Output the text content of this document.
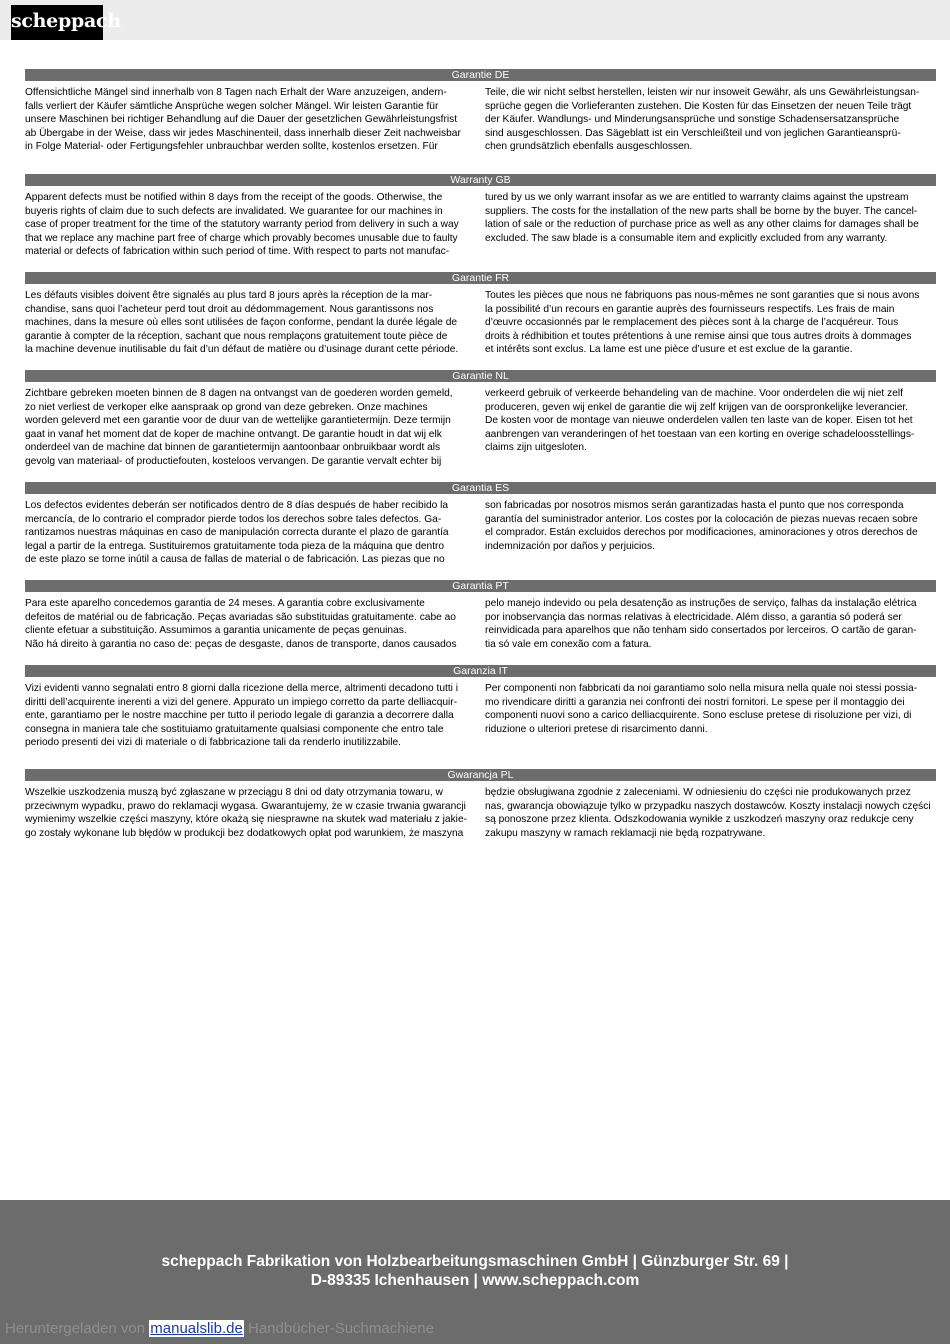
scheppach
Garantie DE
Offensichtliche Mängel sind innerhalb von 8 Tagen nach Erhalt der Ware anzuzeigen, andern-
falls verliert der Käufer sämtliche Ansprüche wegen solcher Mängel. Wir leisten Garantie für
unsere Maschinen bei richtiger Behandlung auf die Dauer der gesetzlichen Gewährleistungsfrist
ab Übergabe in der Weise, dass wir jedes Maschinenteil, dass innerhalb dieser Zeit nachweisbar
in Folge Material- oder Fertigungsfehler unbrauchbar werden sollte, kostenlos ersetzen. Für
Teile, die wir nicht selbst herstellen, leisten wir nur insoweit Gewähr, als uns Gewährleistungsan-
sprüche gegen die Vorlieferanten zustehen. Die Kosten für das Einsetzen der neuen Teile trägt
der Käufer. Wandlungs- und Minderungsansprüche und sonstige Schadensersatzansprüche
sind ausgeschlossen. Das Sägeblatt ist ein Verschleißteil und von jeglichen Garantieansprü-
chen grundsätzlich ebenfalls ausgeschlossen.
Warranty GB
Apparent defects must be notified within 8 days from the receipt of the goods. Otherwise, the
buyeris rights of claim due to such defects are invalidated. We guarantee for our machines in
case of proper treatment for the time of the statutory warranty period from delivery in such a way
that we replace any machine part free of charge which provably becomes unusable due to faulty
material or defects of fabrication within such period of time. With respect to parts not manufac-
tured by us we only warrant insofar as we are entitled to warranty claims against the upstream
suppliers. The costs for the installation of the new parts shall be borne by the buyer. The cancel-
lation of sale or the reduction of purchase price as well as any other claims for damages shall be
excluded. The saw blade is a consumable item and explicitly excluded from any warranty.
Garantie FR
Les défauts visibles doivent être signalés au plus tard 8 jours après la réception de la mar-
chandise, sans quoi l’acheteur perd tout droit au dédommagement. Nous garantissons nos
machines, dans la mesure où elles sont utilisées de façon conforme, pendant la durée légale de
garantie à compter de la réception, sachant que nous remplaçons gratuitement toute pièce de
la machine devenue inutilisable du fait d’un défaut de matière ou d’usinage durant cette période.
Toutes les pièces que nous ne fabriquons pas nous-mêmes ne sont garanties que si nous avons
la possibilité d’un recours en garantie auprès des fournisseurs respectifs. Les frais de main
d’œuvre occasionnés par le remplacement des pièces sont à la charge de l’acquéreur. Tous
droits à rédhibition et toutes prétentions à une remise ainsi que tous autres droits à dommages
et intérêts sont exclus. La lame est une pièce d’usure et est exclue de la garantie.
Garantie NL
Zichtbare gebreken moeten binnen de 8 dagen na ontvangst van de goederen worden gemeld,
zo niet verliest de verkoper elke aanspraak op grond van deze gebreken. Onze machines
worden geleverd met een garantie voor de duur van de wettelijke garantietermijn. Deze termijn
gaat in vanaf het moment dat de koper de machine ontvangt. De garantie houdt in dat wij elk
onderdeel van de machine dat binnen de garantietermijn aantoonbaar onbruikbaar wordt als
gevolg van materiaal- of productiefouten, kosteloos vervangen. De garantie vervalt echter bij
verkeerd gebruik of verkeerde behandeling van de machine. Voor onderdelen die wij niet zelf
produceren, geven wij enkel de garantie die wij zelf krijgen van de oorspronkelijke leverancier.
De kosten voor de montage van nieuwe onderdelen vallen ten laste van de koper. Eisen tot het
aanbrengen van veranderingen of het toestaan van een korting en overige schadeloosstellings-
claims zijn uitgesloten.
Garantia ES
Los defectos evidentes deberán ser notificados dentro de 8 días después de haber recibido la
mercancía, de lo contrario el comprador pierde todos los derechos sobre tales defectos. Ga-
rantizamos nuestras máquinas en caso de manipulación correcta durante el plazo de garantía
legal a partir de la entrega. Sustituiremos gratuitamente toda pieza de la máquina que dentro
de este plazo se torne inútil a causa de fallas de material o de fabricación. Las piezas que no
son fabricadas por nosotros mismos serán garantizadas hasta el punto que nos corresponda
garantía del suministrador anterior. Los costes por la colocación de piezas nuevas recaen sobre
el comprador. Están excluidos derechos por modificaciones, aminoraciones y otros derechos de
indemnización por daños y perjuicios.
Garantia PT
Para este aparelho concedemos garantia de 24 meses. A garantia cobre exclusivamente
defeitos de matérial ou de fabricação. Peças avariadas são substituidas gratuitamente. cabe ao
cliente efetuar a substituição. Assumimos a garantia unicamente de peças genuinas.
Não há direito à garantia no caso de: peças de desgaste, danos de transporte, danos causados
pelo manejo indevido ou pela desatenção as instruções de serviço, falhas da instalação elétrica
por inobservançia das normas relativas à electricidade. Além disso, a garantia só poderá ser
reinvidicada para aparelhos que não tenham sido consertados por lerceiros. O cartão de garan-
tia só vale em conexão com a fatura.
Garanzia IT
Vizi evidenti vanno segnalati entro 8 giorni dalla ricezione della merce, altrimenti decadono tutti i
diritti dell’acquirente inerenti a vizi del genere. Appurato un impiego corretto da parte delliacquir-
ente, garantiamo per le nostre macchine per tutto il periodo legale di garanzia a decorrere dalla
consegna in maniera tale che sostituiamo gratuitamente qualsiasi componente che entro tale
periodo presenti dei vizi di materiale o di fabbricazione tali da renderlo inutilizzabile.
Per componenti non fabbricati da noi garantiamo solo nella misura nella quale noi stessi possia-
mo rivendicare diritti a garanzia nei confronti dei nostri fornitori. Le spese per il montaggio dei
componenti nuovi sono a carico delliacquirente. Sono escluse pretese di risoluzione per vizi, di
riduzione o ulteriori pretese di risarcimento danni.
Gwarancja PL
Wszelkie uszkodzenia muszą być zgłaszane w przeciągu 8 dni od daty otrzymania towaru, w
przeciwnym wypadku, prawo do reklamacji wygasa. Gwarantujemy, że w czasie trwania gwarancji
wymienimy wszelkie części maszyny, które okażą się niesprawne na skutek wad materiału z jakie-
go zostały wykonane lub błędów w produkcji bez dodatkowych opłat pod warunkiem, że maszyna
będzie obsługiwana zgodnie z zaleceniami. W odniesieniu do części nie produkowanych przez
nas, gwarancja obowiązuje tylko w przypadku naszych dostawców. Koszty instalacji nowych części
są ponoszone przez klienta. Odszkodowania wynikłe z uszkodzeń maszyny oraz redukcje ceny
zakupu maszyny w ramach reklamacji nie będą rozpatrywane.
scheppach Fabrikation von Holzbearbeitungsmaschinen GmbH | Günzburger Str. 69 |
D-89335 Ichenhausen | www.scheppach.com
Heruntergeladen von manualslib.de Handbücher-Suchmachiene
